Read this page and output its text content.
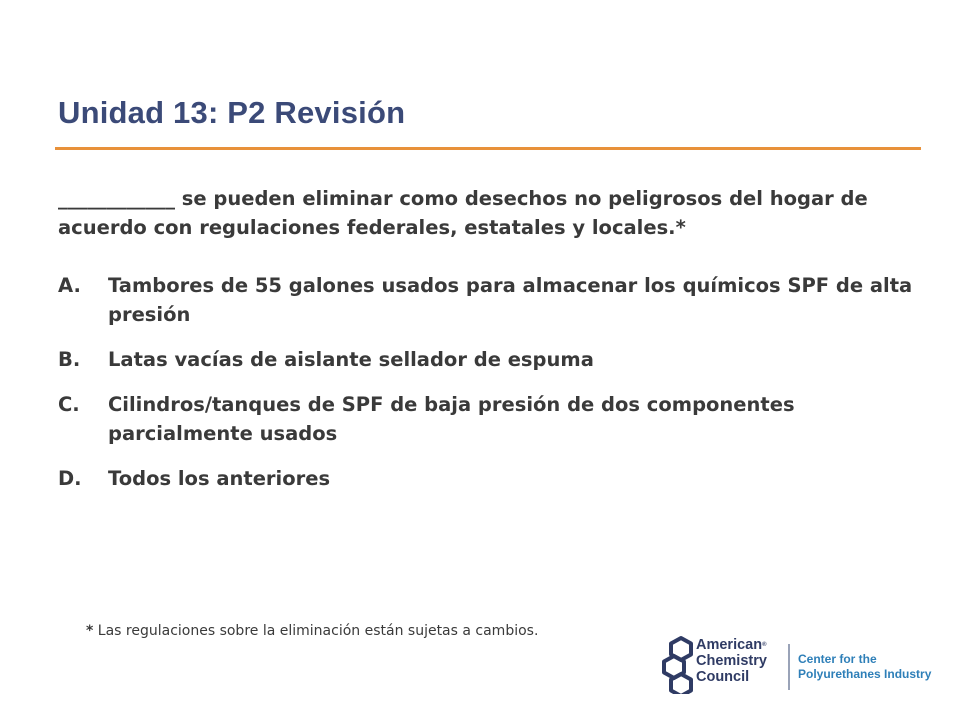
Unidad 13: P2 Revisión

____________ se pueden eliminar como desechos no peligrosos del hogar de acuerdo con regulaciones federales, estatales y locales.*

A.	Tambores de 55 galones usados para almacenar los químicos SPF de alta presión
B.	Latas vacías de aislante sellador de espuma
C.	Cilindros/tanques de SPF de baja presión de dos componentes parcialmente usados
D.	Todos los anteriores

* Las regulaciones sobre la eliminación están sujetas a cambios.

American®
Chemistry
Council
Center for the
Polyurethanes Industry
